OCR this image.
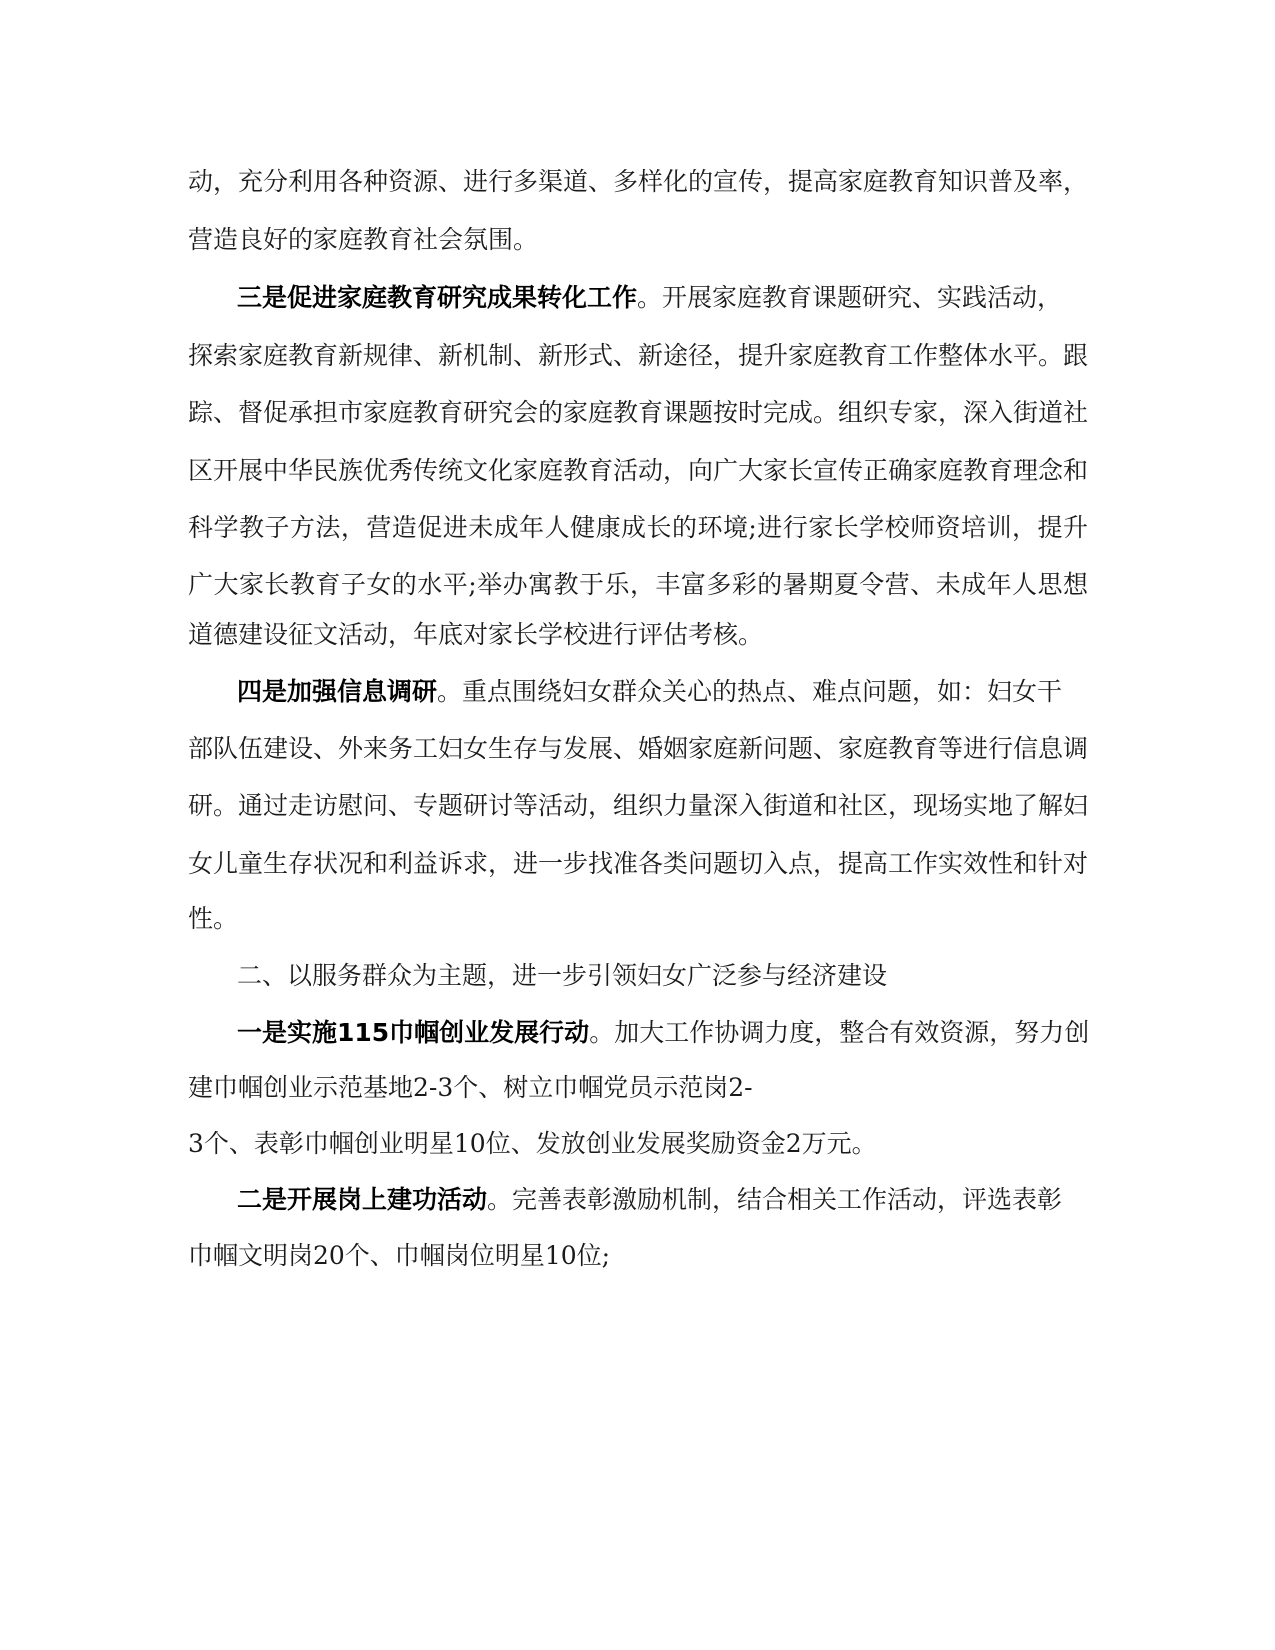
动，充分利用各种资源、进行多渠道、多样化的宣传，提高家庭教育知识普及率，
营造良好的家庭教育社会氛围。
三是促进家庭教育研究成果转化工作。开展家庭教育课题研究、实践活动，
探索家庭教育新规律、新机制、新形式、新途径，提升家庭教育工作整体水平。跟
踪、督促承担市家庭教育研究会的家庭教育课题按时完成。组织专家，深入街道社
区开展中华民族优秀传统文化家庭教育活动，向广大家长宣传正确家庭教育理念和
科学教子方法，营造促进未成年人健康成长的环境;进行家长学校师资培训，提升
广大家长教育子女的水平;举办寓教于乐，丰富多彩的暑期夏令营、未成年人思想
道德建设征文活动，年底对家长学校进行评估考核。
四是加强信息调研。重点围绕妇女群众关心的热点、难点问题，如：妇女干
部队伍建设、外来务工妇女生存与发展、婚姻家庭新问题、家庭教育等进行信息调
研。通过走访慰问、专题研讨等活动，组织力量深入街道和社区，现场实地了解妇
女儿童生存状况和利益诉求，进一步找准各类问题切入点，提高工作实效性和针对
性。
二、以服务群众为主题，进一步引领妇女广泛参与经济建设
一是实施115巾帼创业发展行动。加大工作协调力度，整合有效资源，努力创
建巾帼创业示范基地2-3个、树立巾帼党员示范岗2-
3个、表彰巾帼创业明星10位、发放创业发展奖励资金2万元。
二是开展岗上建功活动。完善表彰激励机制，结合相关工作活动，评选表彰
巾帼文明岗20个、巾帼岗位明星10位;
